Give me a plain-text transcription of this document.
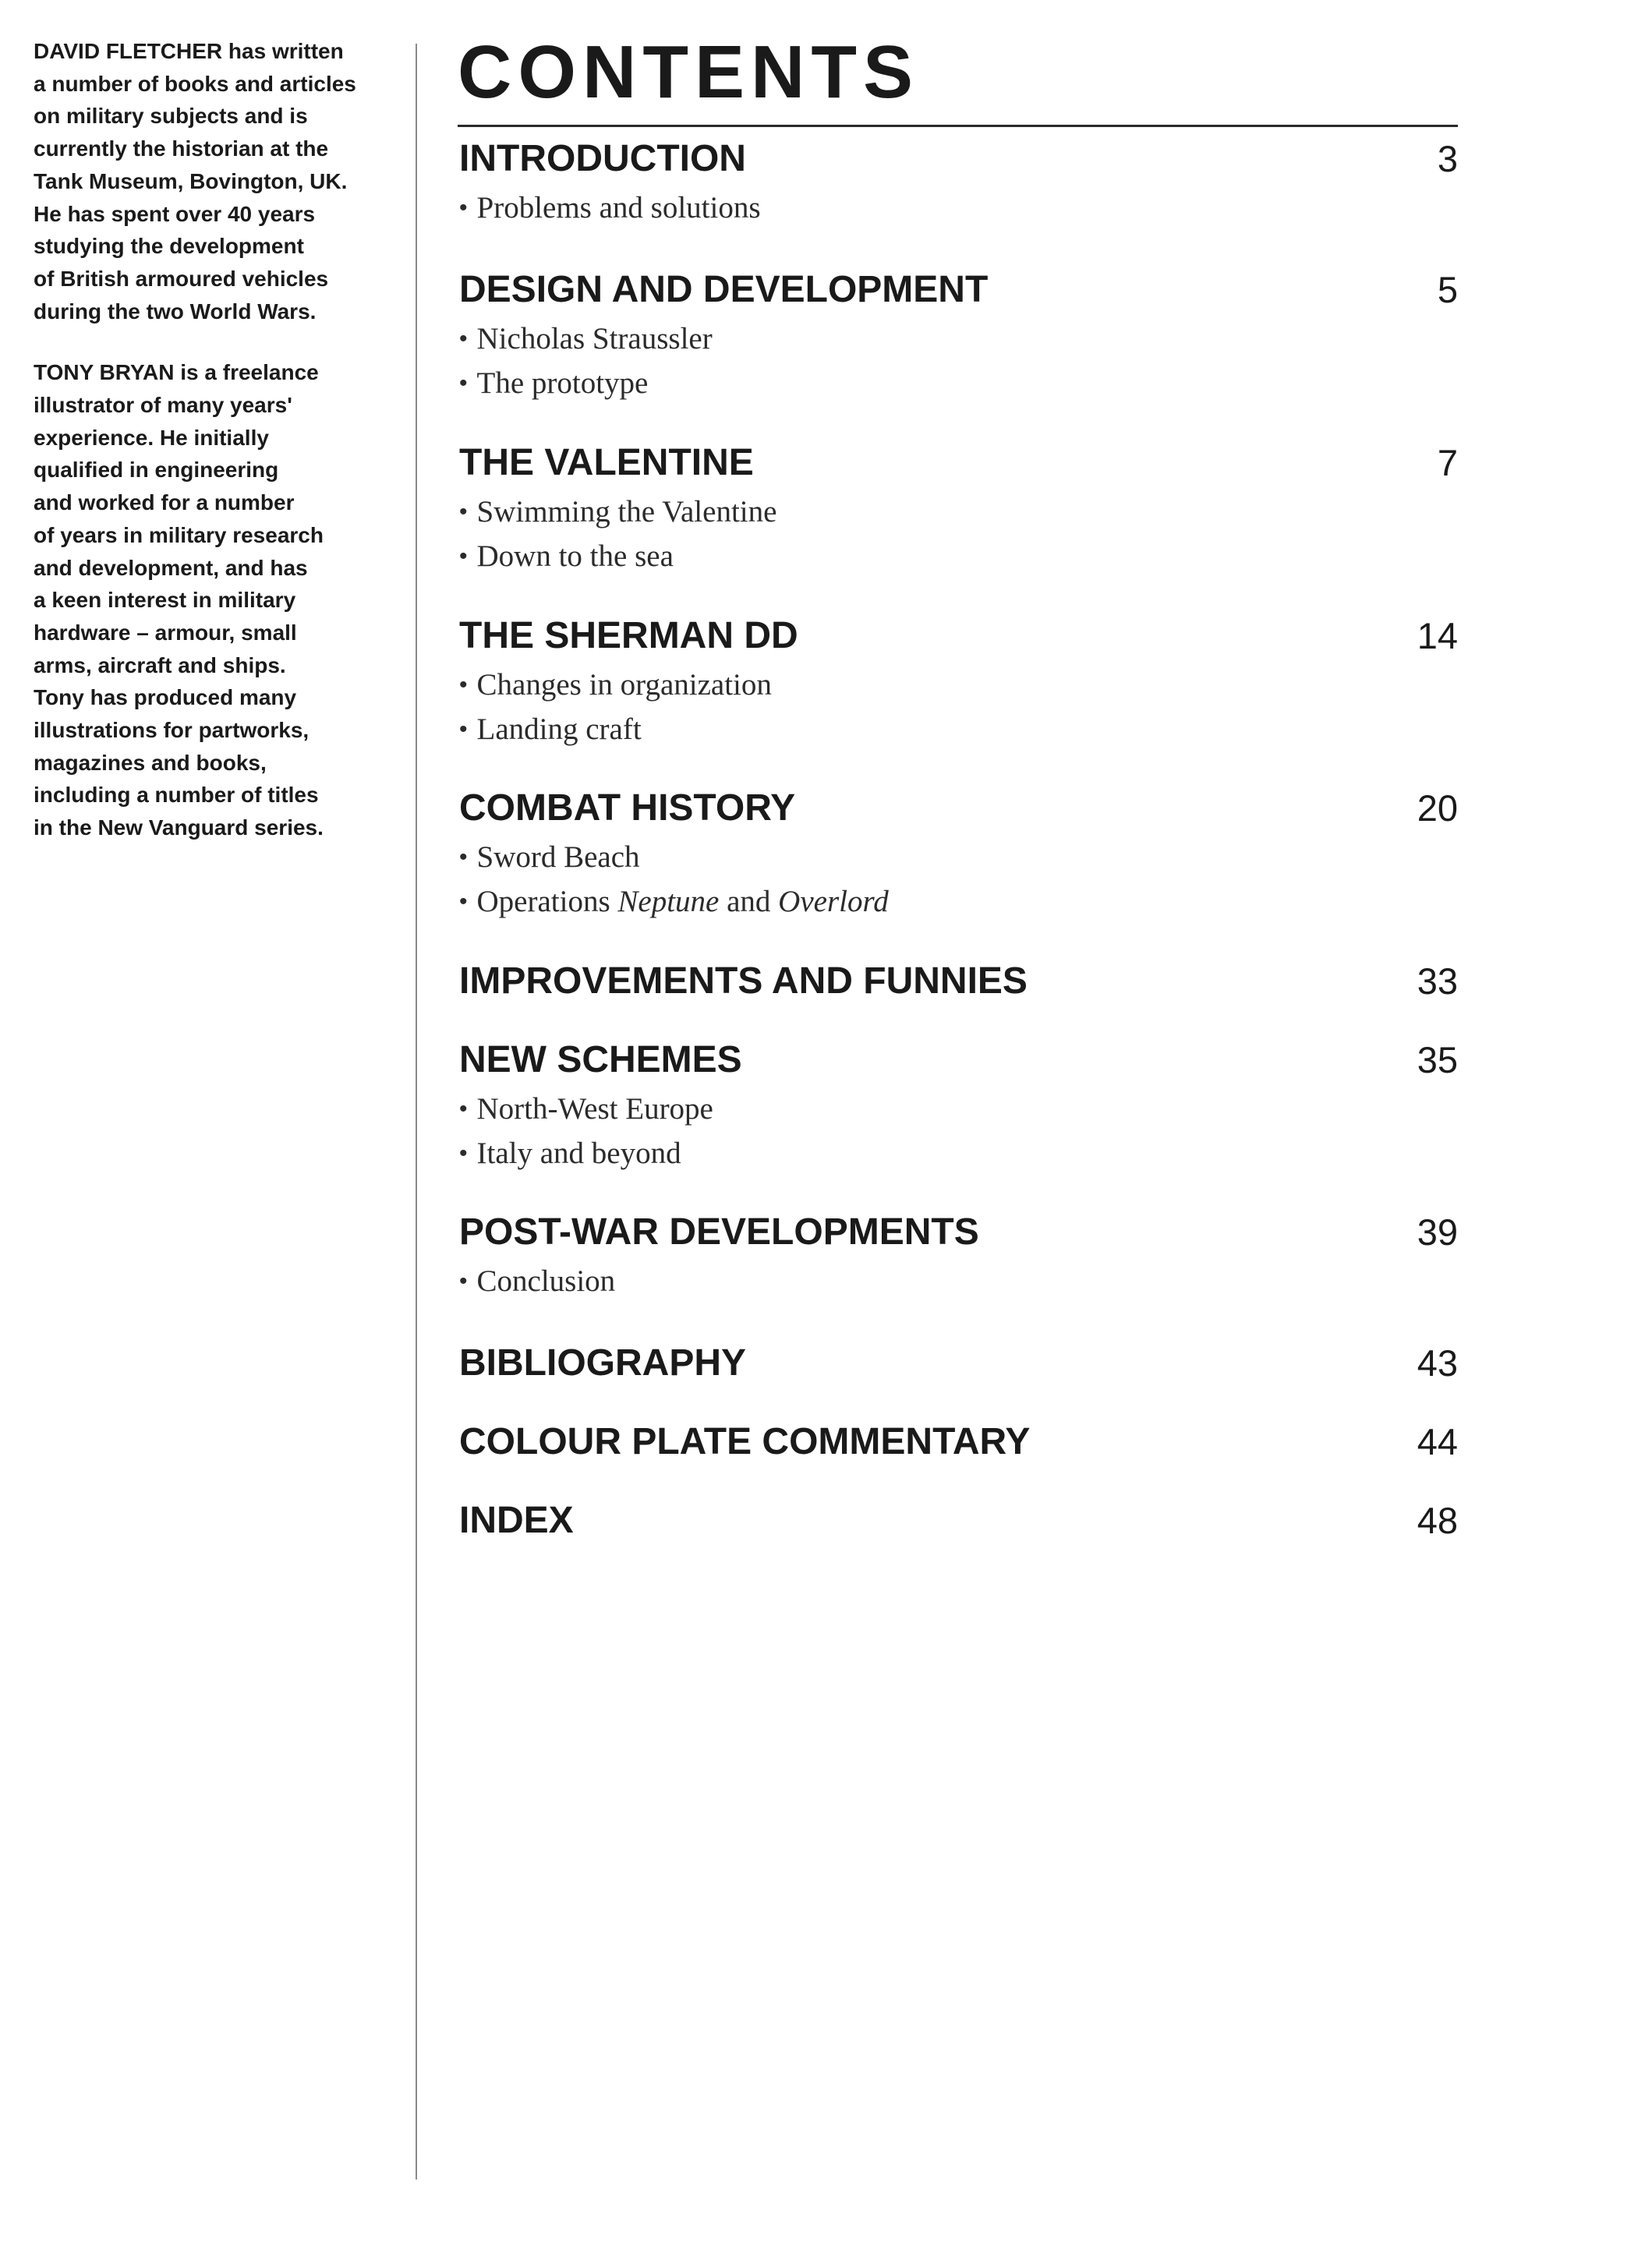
DAVID FLETCHER has written
a number of books and articles
on military subjects and is
currently the historian at the
Tank Museum, Bovington, UK.
He has spent over 40 years
studying the development
of British armoured vehicles
during the two World Wars.

TONY BRYAN is a freelance
illustrator of many years'
experience. He initially
qualified in engineering
and worked for a number
of years in military research
and development, and has
a keen interest in military
hardware – armour, small
arms, aircraft and ships.
Tony has produced many
illustrations for partworks,
magazines and books,
including a number of titles
in the New Vanguard series.

CONTENTS
INTRODUCTION	3
• Problems and solutions
DESIGN AND DEVELOPMENT	5
• Nicholas Straussler
• The prototype
THE VALENTINE	7
• Swimming the Valentine
• Down to the sea
THE SHERMAN DD	14
• Changes in organization
• Landing craft
COMBAT HISTORY	20
• Sword Beach
• Operations Neptune and Overlord
IMPROVEMENTS AND FUNNIES	33
NEW SCHEMES	35
• North-West Europe
• Italy and beyond
POST-WAR DEVELOPMENTS	39
• Conclusion
BIBLIOGRAPHY	43
COLOUR PLATE COMMENTARY	44
INDEX	48
